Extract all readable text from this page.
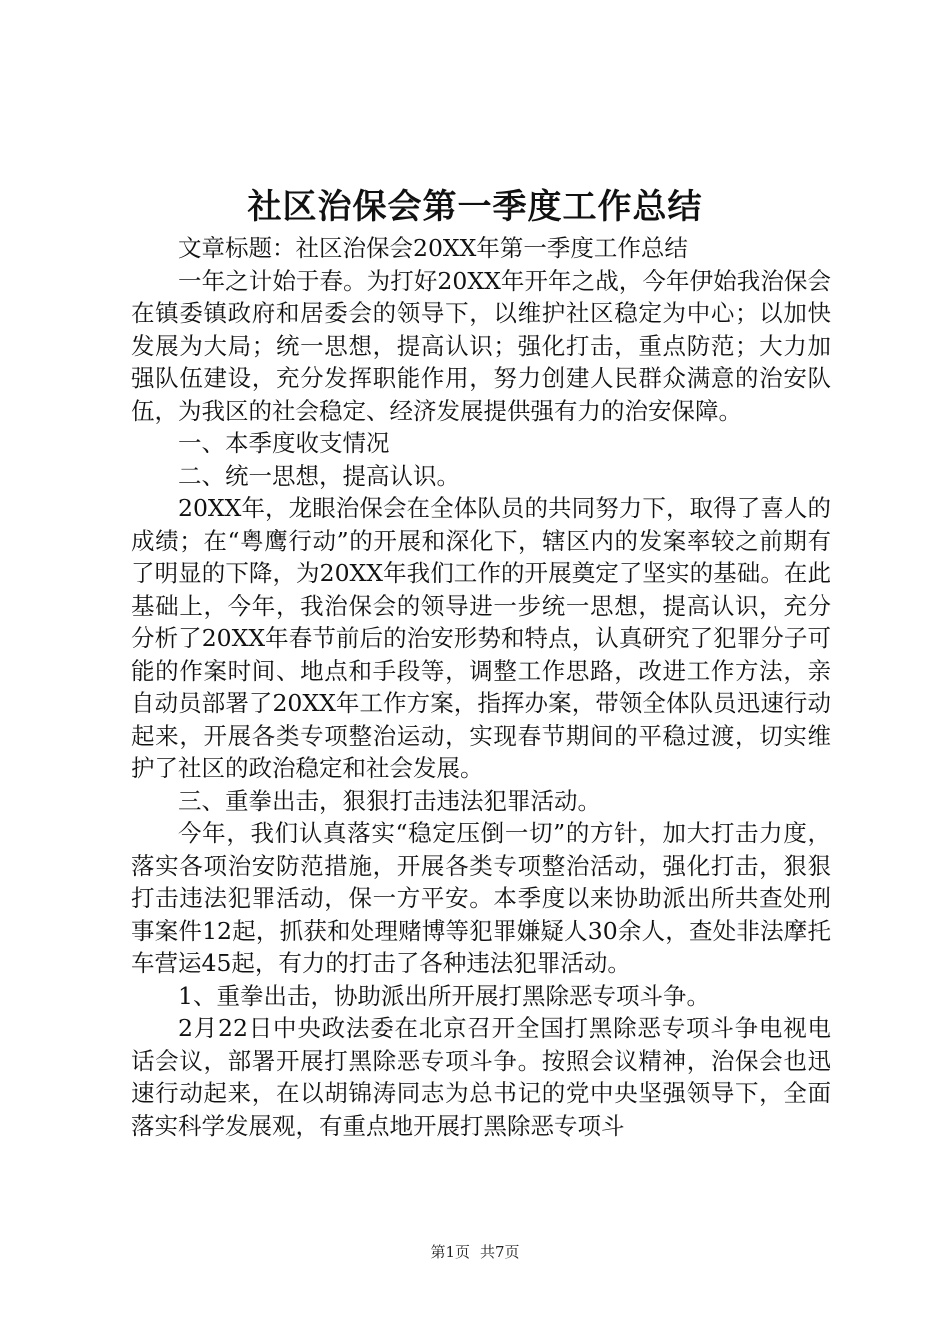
社区治保会第一季度工作总结

文章标题：社区治保会20XX年第一季度工作总结

一年之计始于春。为打好20XX年开年之战，今年伊始我治保会在镇委镇政府和居委会的领导下，以维护社区稳定为中心；以加快发展为大局；统一思想，提高认识；强化打击，重点防范；大力加强队伍建设，充分发挥职能作用，努力创建人民群众满意的治安队伍，为我区的社会稳定、经济发展提供强有力的治安保障。

一、本季度收支情况

二、统一思想，提高认识。

20XX年，龙眼治保会在全体队员的共同努力下，取得了喜人的成绩；在“粤鹰行动”的开展和深化下，辖区内的发案率较之前期有了明显的下降，为20XX年我们工作的开展奠定了坚实的基础。在此基础上，今年，我治保会的领导进一步统一思想，提高认识，充分分析了20XX年春节前后的治安形势和特点，认真研究了犯罪分子可能的作案时间、地点和手段等，调整工作思路，改进工作方法，亲自动员部署了20XX年工作方案，指挥办案，带领全体队员迅速行动起来，开展各类专项整治运动，实现春节期间的平稳过渡，切实维护了社区的政治稳定和社会发展。

三、重拳出击，狠狠打击违法犯罪活动。

今年，我们认真落实“稳定压倒一切”的方针，加大打击力度，落实各项治安防范措施，开展各类专项整治活动，强化打击，狠狠打击违法犯罪活动，保一方平安。本季度以来协助派出所共查处刑事案件12起，抓获和处理赌博等犯罪嫌疑人30余人，查处非法摩托车营运45起，有力的打击了各种违法犯罪活动。

1、重拳出击，协助派出所开展打黑除恶专项斗争。

2月22日中央政法委在北京召开全国打黑除恶专项斗争电视电话会议，部署开展打黑除恶专项斗争。按照会议精神，治保会也迅速行动起来，在以胡锦涛同志为总书记的党中央坚强领导下，全面落实科学发展观，有重点地开展打黑除恶专项斗

第1页 共7页
